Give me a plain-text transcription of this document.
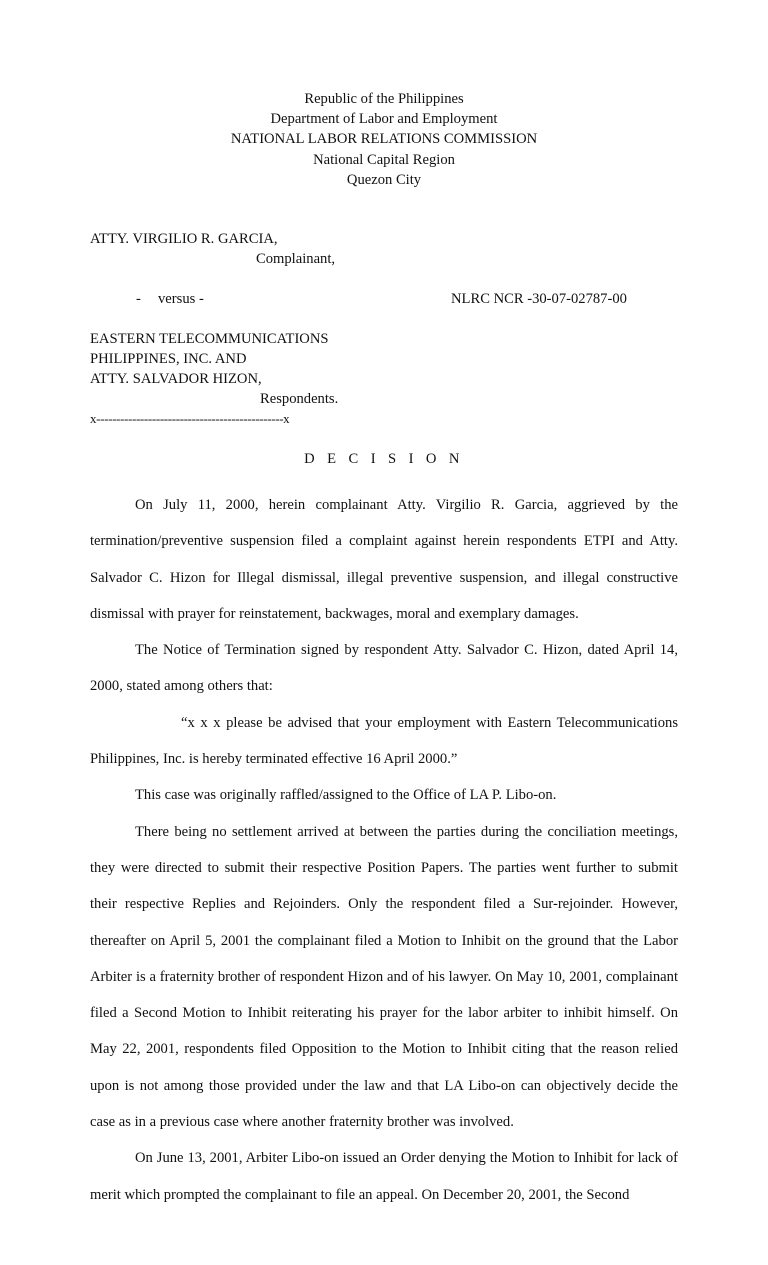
Republic of the Philippines
Department of Labor and Employment
NATIONAL LABOR RELATIONS COMMISSION
National Capital Region
Quezon City
ATTY. VIRGILIO R. GARCIA,
Complainant,
- versus -	NLRC NCR -30-07-02787-00
EASTERN TELECOMMUNICATIONS
PHILIPPINES, INC. AND
ATTY. SALVADOR HIZON,
Respondents.
x-----------------------------------------------x
D E C I S I O N

On July 11, 2000, herein complainant Atty. Virgilio R. Garcia, aggrieved by the termination/preventive suspension filed a complaint against herein respondents ETPI and Atty. Salvador C. Hizon for Illegal dismissal, illegal preventive suspension, and illegal constructive dismissal with prayer for reinstatement, backwages, moral and exemplary damages.

The Notice of Termination signed by respondent Atty. Salvador C. Hizon, dated April 14, 2000, stated among others that:

“x x x please be advised that your employment with Eastern Telecommunications Philippines, Inc. is hereby terminated effective 16 April 2000.”

This case was originally raffled/assigned to the Office of LA P. Libo-on.

There being no settlement arrived at between the parties during the conciliation meetings, they were directed to submit their respective Position Papers. The parties went further to submit their respective Replies and Rejoinders. Only the respondent filed a Sur-rejoinder. However, thereafter on April 5, 2001 the complainant filed a Motion to Inhibit on the ground that the Labor Arbiter is a fraternity brother of respondent Hizon and of his lawyer. On May 10, 2001, complainant filed a Second Motion to Inhibit reiterating his prayer for the labor arbiter to inhibit himself. On May 22, 2001, respondents filed Opposition to the Motion to Inhibit citing that the reason relied upon is not among those provided under the law and that LA Libo-on can objectively decide the case as in a previous case where another fraternity brother was involved.

On June 13, 2001, Arbiter Libo-on issued an Order denying the Motion to Inhibit for lack of merit which prompted the complainant to file an appeal. On December 20, 2001, the Second
